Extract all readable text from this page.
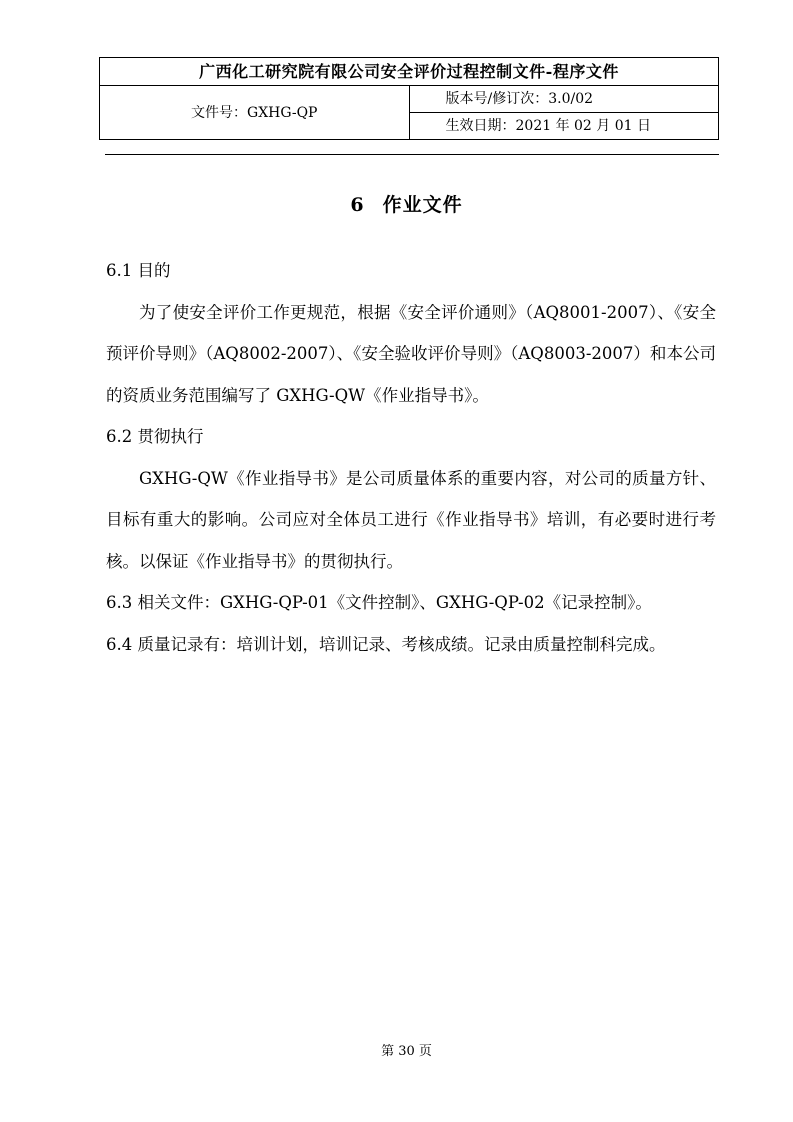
广西化工研究院有限公司安全评价过程控制文件-程序文件
文件号：GXHG-QP	版本号/修订次：3.0/02
生效日期：2021 年 02 月 01 日
6 作业文件

6.1 目的

为了使安全评价工作更规范，根据《安全评价通则》（AQ8001-2007）、《安全预评价导则》（AQ8002-2007）、《安全验收评价导则》（AQ8003-2007）和本公司的资质业务范围编写了 GXHG-QW《作业指导书》。

6.2 贯彻执行

GXHG-QW《作业指导书》是公司质量体系的重要内容，对公司的质量方针、目标有重大的影响。公司应对全体员工进行《作业指导书》培训，有必要时进行考核。以保证《作业指导书》的贯彻执行。

6.3 相关文件：GXHG-QP-01《文件控制》、GXHG-QP-02《记录控制》。

6.4 质量记录有：培训计划，培训记录、考核成绩。记录由质量控制科完成。

第 30 页
